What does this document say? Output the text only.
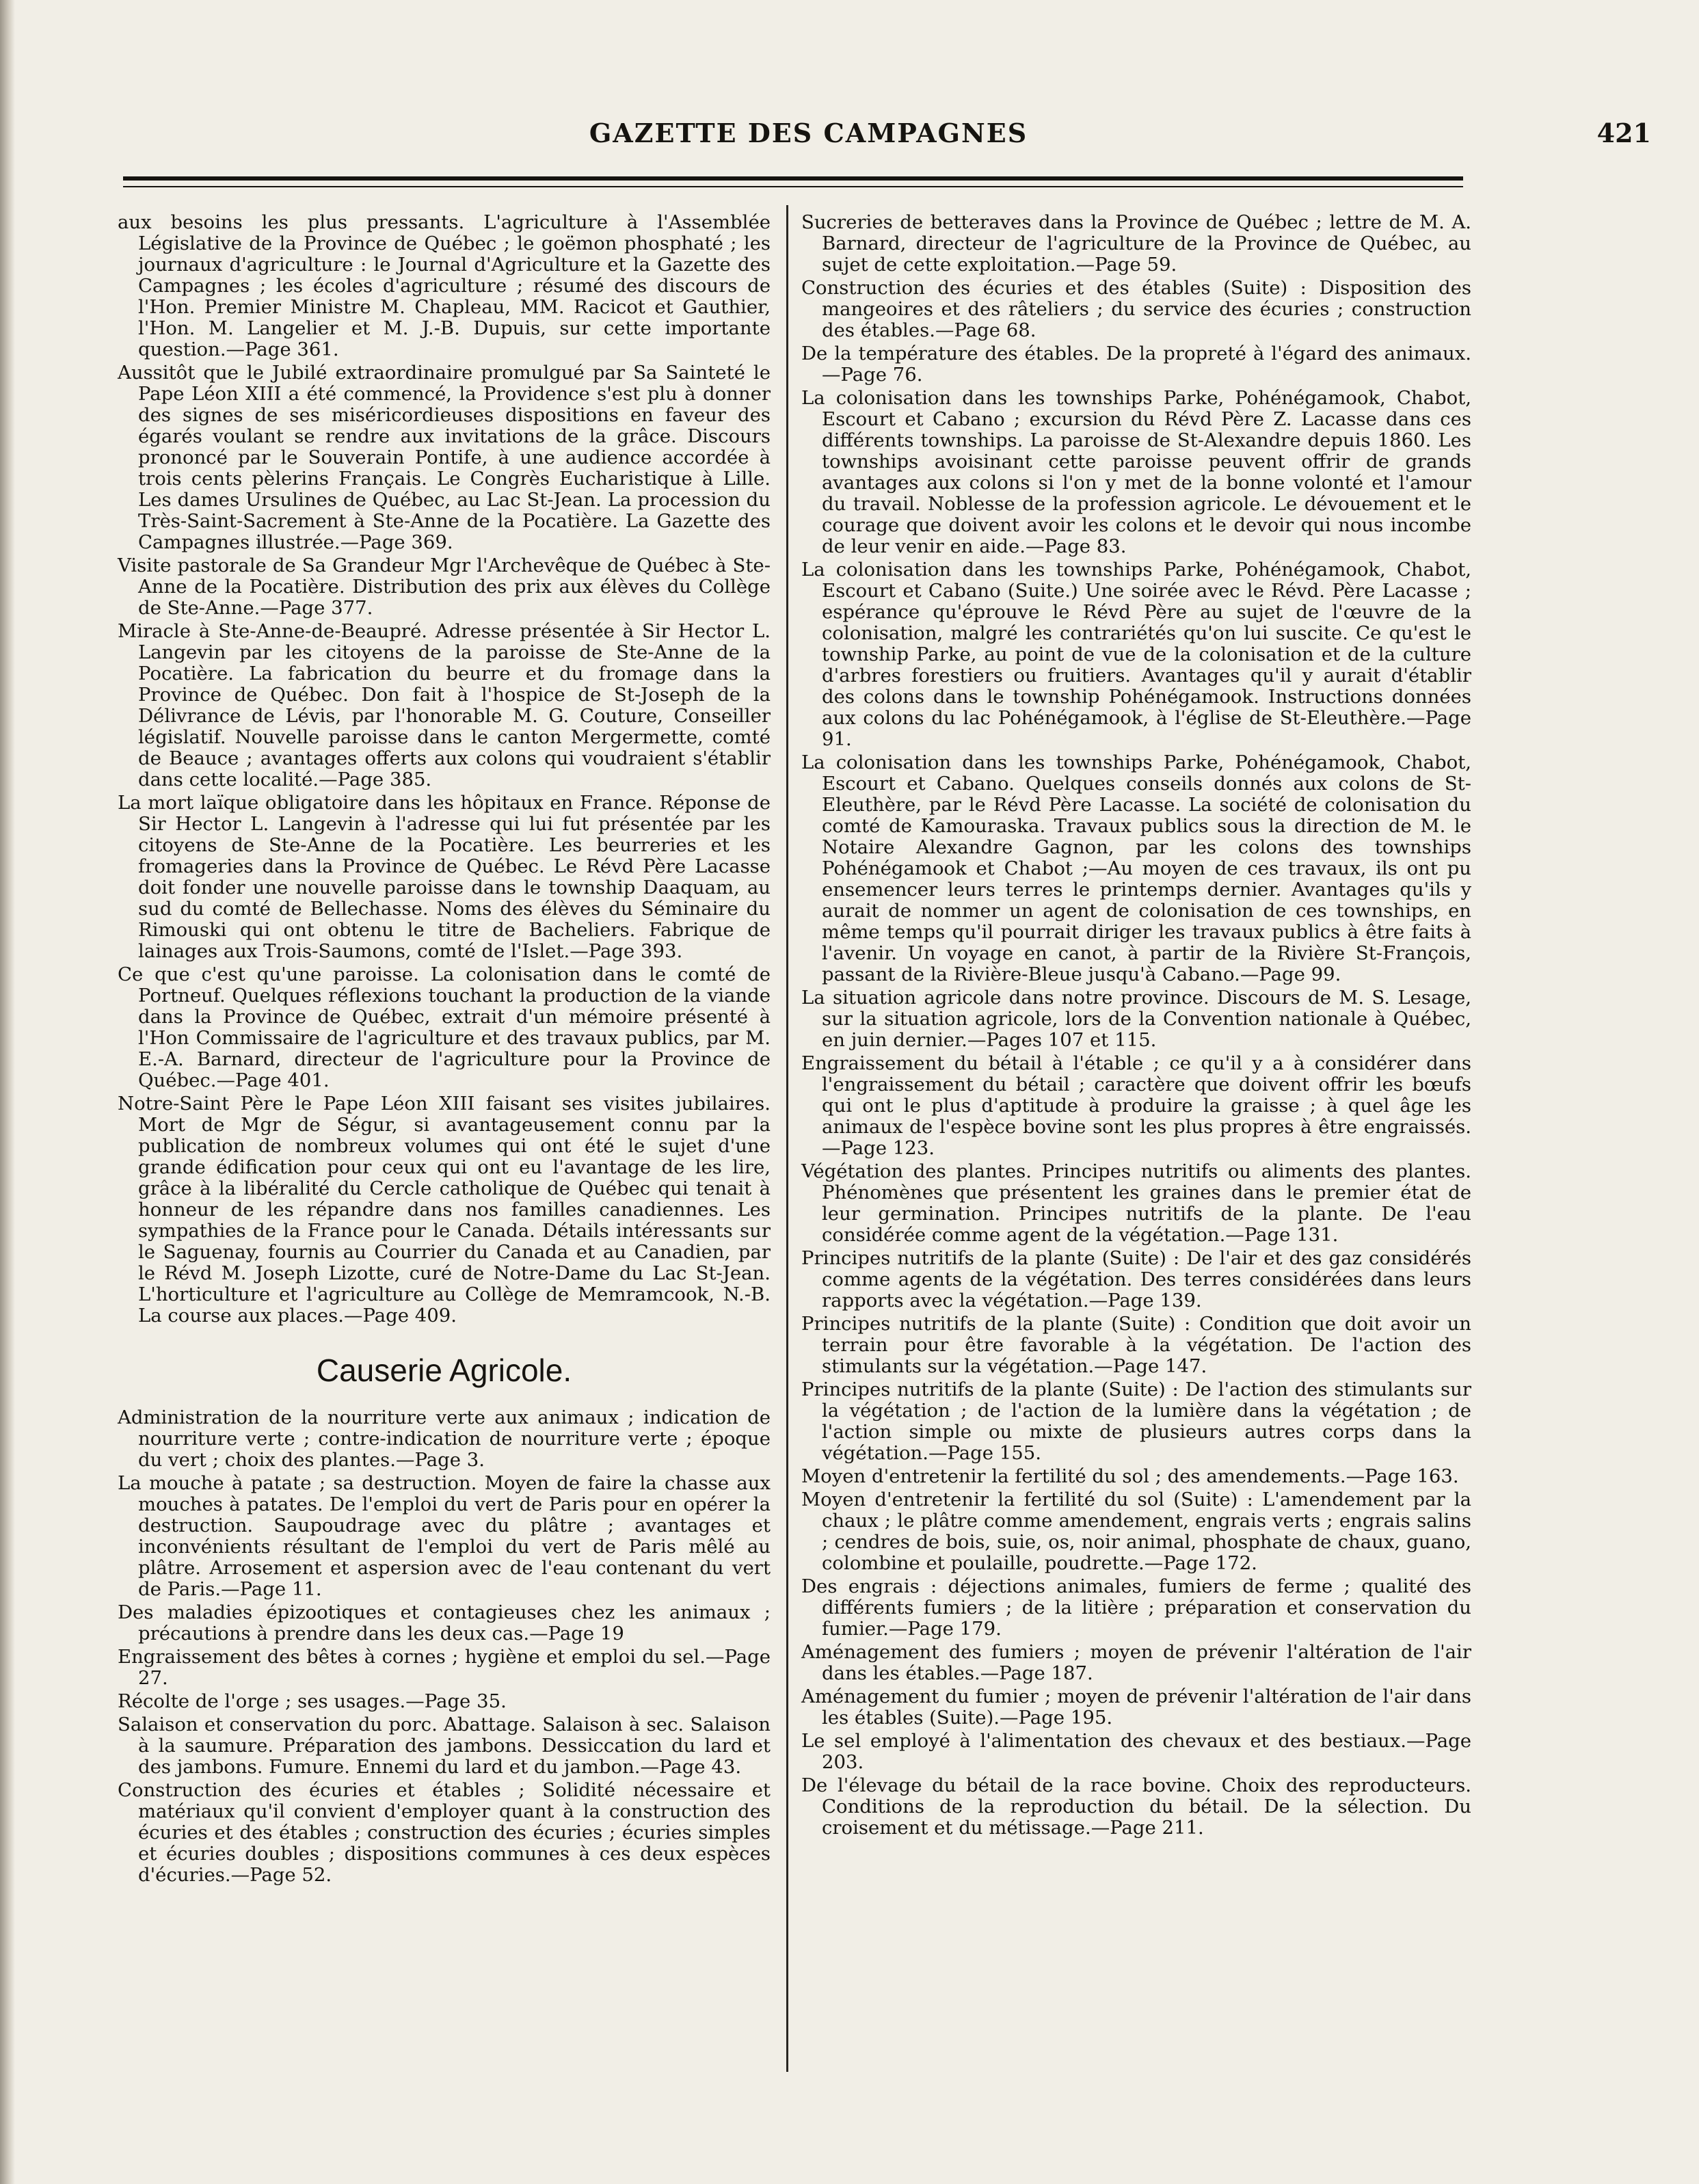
GAZETTE DES CAMPAGNES	421

aux besoins les plus pressants. L'agriculture à l'Assemblée Législative de la Province de Québec ; le goëmon phosphaté ; les journaux d'agriculture : le Journal d'Agriculture et la Gazette des Campagnes ; les écoles d'agriculture ; résumé des discours de l'Hon. Premier Ministre M. Chapleau, MM. Racicot et Gauthier, l'Hon. M. Langelier et M. J.-B. Dupuis, sur cette importante question.—Page 361.

Aussitôt que le Jubilé extraordinaire promulgué par Sa Sainteté le Pape Léon XIII a été commencé, la Providence s'est plu à donner des signes de ses miséricordieuses dispositions en faveur des égarés voulant se rendre aux invitations de la grâce. Discours prononcé par le Souverain Pontife, à une audience accordée à trois cents pèlerins Français. Le Congrès Eucharistique à Lille. Les dames Ursulines de Québec, au Lac St-Jean. La procession du Très-Saint-Sacrement à Ste-Anne de la Pocatière. La Gazette des Campagnes illustrée.—Page 369.

Visite pastorale de Sa Grandeur Mgr l'Archevêque de Québec à Ste-Anne de la Pocatière. Distribution des prix aux élèves du Collège de Ste-Anne.—Page 377.

Miracle à Ste-Anne-de-Beaupré. Adresse présentée à Sir Hector L. Langevin par les citoyens de la paroisse de Ste-Anne de la Pocatière. La fabrication du beurre et du fromage dans la Province de Québec. Don fait à l'hospice de St-Joseph de la Délivrance de Lévis, par l'honorable M. G. Couture, Conseiller législatif. Nouvelle paroisse dans le canton Mergermette, comté de Beauce ; avantages offerts aux colons qui voudraient s'établir dans cette localité.—Page 385.

La mort laïque obligatoire dans les hôpitaux en France. Réponse de Sir Hector L. Langevin à l'adresse qui lui fut présentée par les citoyens de Ste-Anne de la Pocatière. Les beurreries et les fromageries dans la Province de Québec. Le Révd Père Lacasse doit fonder une nouvelle paroisse dans le township Daaquam, au sud du comté de Bellechasse. Noms des élèves du Séminaire du Rimouski qui ont obtenu le titre de Bacheliers. Fabrique de lainages aux Trois-Saumons, comté de l'Islet.—Page 393.

Ce que c'est qu'une paroisse. La colonisation dans le comté de Portneuf. Quelques réflexions touchant la production de la viande dans la Province de Québec, extrait d'un mémoire présenté à l'Hon Commissaire de l'agriculture et des travaux publics, par M. E.-A. Barnard, directeur de l'agriculture pour la Province de Québec.—Page 401.

Notre-Saint Père le Pape Léon XIII faisant ses visites jubilaires. Mort de Mgr de Ségur, si avantageusement connu par la publication de nombreux volumes qui ont été le sujet d'une grande édification pour ceux qui ont eu l'avantage de les lire, grâce à la libéralité du Cercle catholique de Québec qui tenait à honneur de les répandre dans nos familles canadiennes. Les sympathies de la France pour le Canada. Détails intéressants sur le Saguenay, fournis au Courrier du Canada et au Canadien, par le Révd M. Joseph Lizotte, curé de Notre-Dame du Lac St-Jean. L'horticulture et l'agriculture au Collège de Memramcook, N.-B. La course aux places.—Page 409.

Causerie Agricole.

Administration de la nourriture verte aux animaux ; indication de nourriture verte ; contre-indication de nourriture verte ; époque du vert ; choix des plantes.—Page 3.

La mouche à patate ; sa destruction. Moyen de faire la chasse aux mouches à patates. De l'emploi du vert de Paris pour en opérer la destruction. Saupoudrage avec du plâtre ; avantages et inconvénients résultant de l'emploi du vert de Paris mêlé au plâtre. Arrosement et aspersion avec de l'eau contenant du vert de Paris.—Page 11.

Des maladies épizootiques et contagieuses chez les animaux ; précautions à prendre dans les deux cas.—Page 19

Engraissement des bêtes à cornes ; hygiène et emploi du sel.—Page 27.

Récolte de l'orge ; ses usages.—Page 35.

Salaison et conservation du porc. Abattage. Salaison à sec. Salaison à la saumure. Préparation des jambons. Dessiccation du lard et des jambons. Fumure. Ennemi du lard et du jambon.—Page 43.

Construction des écuries et étables ; Solidité nécessaire et matériaux qu'il convient d'employer quant à la construction des écuries et des étables ; construction des écuries ; écuries simples et écuries doubles ; dispositions communes à ces deux espèces d'écuries.—Page 52.

Sucreries de betteraves dans la Province de Québec ; lettre de M. A. Barnard, directeur de l'agriculture de la Province de Québec, au sujet de cette exploitation.—Page 59.

Construction des écuries et des étables (Suite) : Disposition des mangeoires et des râteliers ; du service des écuries ; construction des étables.—Page 68.

De la température des étables. De la propreté à l'égard des animaux.—Page 76.

La colonisation dans les townships Parke, Pohénégamook, Chabot, Escourt et Cabano ; excursion du Révd Père Z. Lacasse dans ces différents townships. La paroisse de St-Alexandre depuis 1860. Les townships avoisinant cette paroisse peuvent offrir de grands avantages aux colons si l'on y met de la bonne volonté et l'amour du travail. Noblesse de la profession agricole. Le dévouement et le courage que doivent avoir les colons et le devoir qui nous incombe de leur venir en aide.—Page 83.

La colonisation dans les townships Parke, Pohénégamook, Chabot, Escourt et Cabano (Suite.) Une soirée avec le Révd. Père Lacasse ; espérance qu'éprouve le Révd Père au sujet de l'œuvre de la colonisation, malgré les contrariétés qu'on lui suscite. Ce qu'est le township Parke, au point de vue de la colonisation et de la culture d'arbres forestiers ou fruitiers. Avantages qu'il y aurait d'établir des colons dans le township Pohénégamook. Instructions données aux colons du lac Pohénégamook, à l'église de St-Eleuthère.—Page 91.

La colonisation dans les townships Parke, Pohénégamook, Chabot, Escourt et Cabano. Quelques conseils donnés aux colons de St-Eleuthère, par le Révd Père Lacasse. La société de colonisation du comté de Kamouraska. Travaux publics sous la direction de M. le Notaire Alexandre Gagnon, par les colons des townships Pohénégamook et Chabot ;—Au moyen de ces travaux, ils ont pu ensemencer leurs terres le printemps dernier. Avantages qu'ils y aurait de nommer un agent de colonisation de ces townships, en même temps qu'il pourrait diriger les travaux publics à être faits à l'avenir. Un voyage en canot, à partir de la Rivière St-François, passant de la Rivière-Bleue jusqu'à Cabano.—Page 99.

La situation agricole dans notre province. Discours de M. S. Lesage, sur la situation agricole, lors de la Convention nationale à Québec, en juin dernier.—Pages 107 et 115.

Engraissement du bétail à l'étable ; ce qu'il y a à considérer dans l'engraissement du bétail ; caractère que doivent offrir les bœufs qui ont le plus d'aptitude à produire la graisse ; à quel âge les animaux de l'espèce bovine sont les plus propres à être engraissés.—Page 123.

Végétation des plantes. Principes nutritifs ou aliments des plantes. Phénomènes que présentent les graines dans le premier état de leur germination. Principes nutritifs de la plante. De l'eau considérée comme agent de la végétation.—Page 131.

Principes nutritifs de la plante (Suite) : De l'air et des gaz considérés comme agents de la végétation. Des terres considérées dans leurs rapports avec la végétation.—Page 139.

Principes nutritifs de la plante (Suite) : Condition que doit avoir un terrain pour être favorable à la végétation. De l'action des stimulants sur la végétation.—Page 147.

Principes nutritifs de la plante (Suite) : De l'action des stimulants sur la végétation ; de l'action de la lumière dans la végétation ; de l'action simple ou mixte de plusieurs autres corps dans la végétation.—Page 155.

Moyen d'entretenir la fertilité du sol ; des amendements.—Page 163.

Moyen d'entretenir la fertilité du sol (Suite) : L'amendement par la chaux ; le plâtre comme amendement, engrais verts ; engrais salins ; cendres de bois, suie, os, noir animal, phosphate de chaux, guano, colombine et poulaille, poudrette.—Page 172.

Des engrais : déjections animales, fumiers de ferme ; qualité des différents fumiers ; de la litière ; préparation et conservation du fumier.—Page 179.

Aménagement des fumiers ; moyen de prévenir l'altération de l'air dans les étables.—Page 187.

Aménagement du fumier ; moyen de prévenir l'altération de l'air dans les étables (Suite).—Page 195.

Le sel employé à l'alimentation des chevaux et des bestiaux.—Page 203.

De l'élevage du bétail de la race bovine. Choix des reproducteurs. Conditions de la reproduction du bétail. De la sélection. Du croisement et du métissage.—Page 211.
